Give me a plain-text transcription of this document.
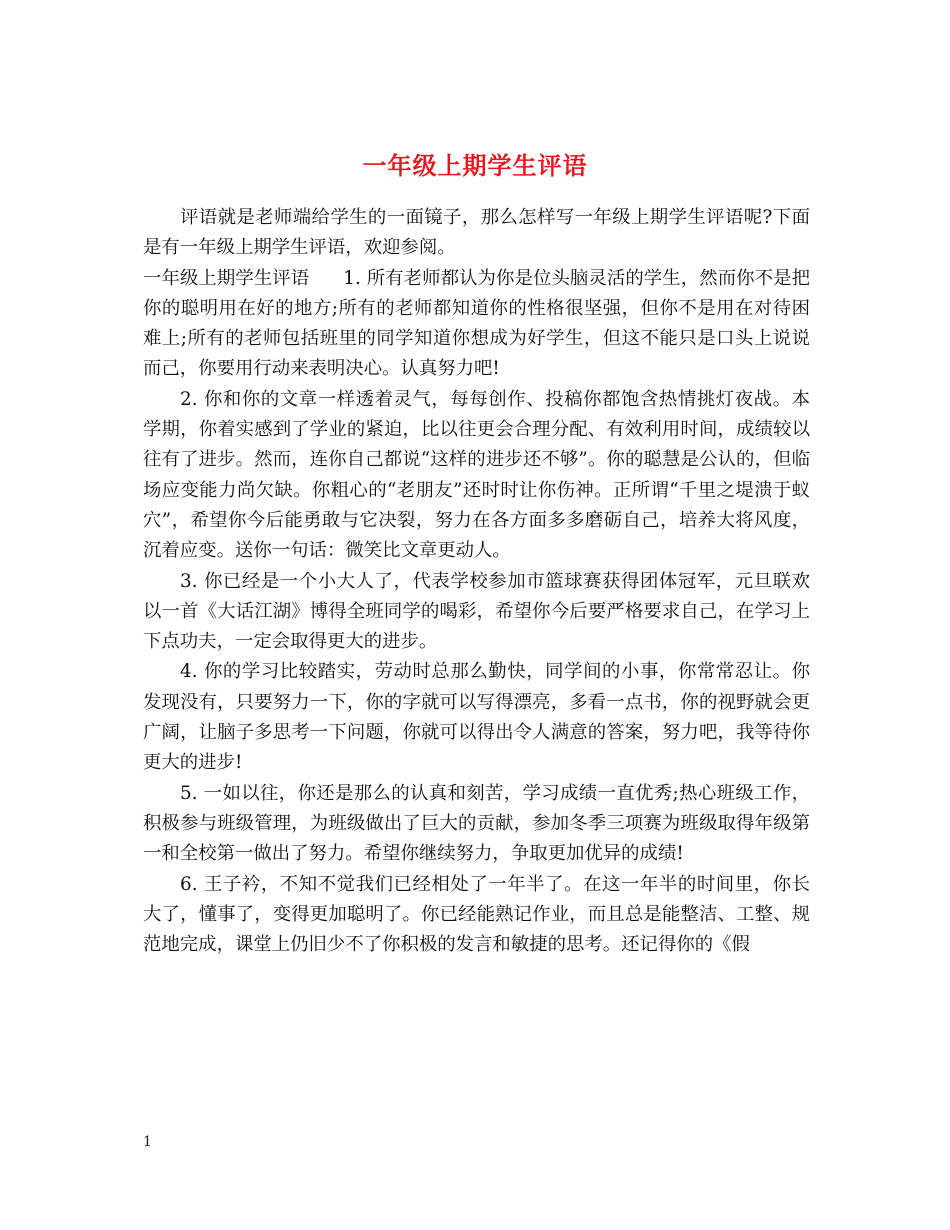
一年级上期学生评语

评语就是老师端给学生的一面镜子，那么怎样写一年级上期学生评语呢?下面是有一年级上期学生评语，欢迎参阅。

一年级上期学生评语 1. 所有老师都认为你是位头脑灵活的学生，然而你不是把你的聪明用在好的地方;所有的老师都知道你的性格很坚强，但你不是用在对待困难上;所有的老师包括班里的同学知道你想成为好学生，但这不能只是口头上说说而己，你要用行动来表明决心。认真努力吧!

2. 你和你的文章一样透着灵气，每每创作、投稿你都饱含热情挑灯夜战。本学期，你着实感到了学业的紧迫，比以往更会合理分配、有效利用时间，成绩较以往有了进步。然而，连你自己都说“这样的进步还不够”。你的聪慧是公认的，但临场应变能力尚欠缺。你粗心的“老朋友”还时时让你伤神。正所谓“千里之堤溃于蚁穴”，希望你今后能勇敢与它决裂，努力在各方面多多磨砺自己，培养大将风度，沉着应变。送你一句话：微笑比文章更动人。

3. 你已经是一个小大人了，代表学校参加市篮球赛获得团体冠军，元旦联欢以一首《大话江湖》博得全班同学的喝彩，希望你今后要严格要求自己，在学习上下点功夫，一定会取得更大的进步。

4. 你的学习比较踏实，劳动时总那么勤快，同学间的小事，你常常忍让。你发现没有，只要努力一下，你的字就可以写得漂亮，多看一点书，你的视野就会更广阔，让脑子多思考一下问题，你就可以得出令人满意的答案，努力吧，我等待你更大的进步!

5. 一如以往，你还是那么的认真和刻苦，学习成绩一直优秀;热心班级工作，积极参与班级管理，为班级做出了巨大的贡献，参加冬季三项赛为班级取得年级第一和全校第一做出了努力。希望你继续努力，争取更加优异的成绩!

6. 王子衿，不知不觉我们已经相处了一年半了。在这一年半的时间里，你长大了，懂事了，变得更加聪明了。你已经能熟记作业，而且总是能整洁、工整、规范地完成，课堂上仍旧少不了你积极的发言和敏捷的思考。还记得你的《假

1
